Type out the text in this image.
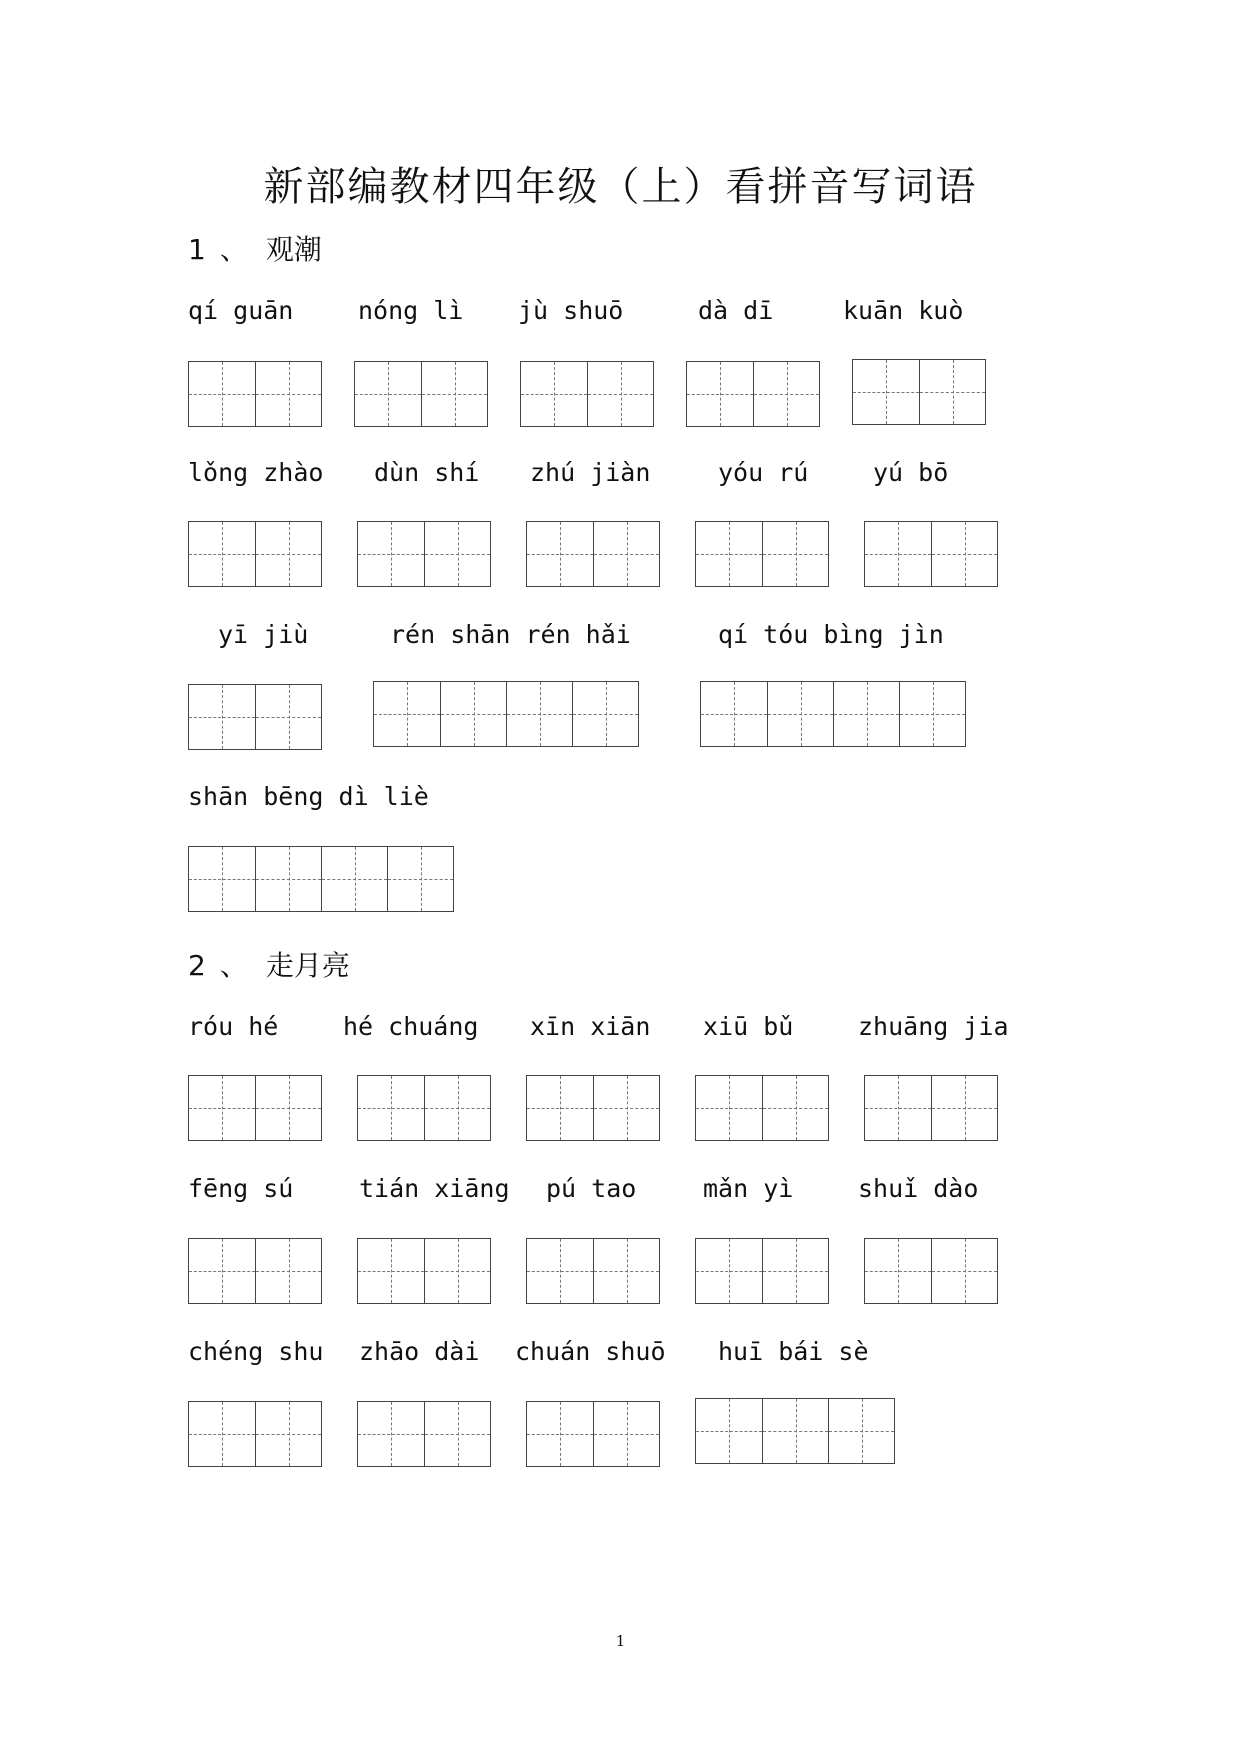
新部编教材四年级（上）看拼音写词语
1 、 观潮
qí guān	nóng lì jù shuō	dà dī	kuān kuò
lǒng zhào dùn shí zhú jiàn	yóu rú	yú bō
yī jiù	rén shān rén hǎi	qí tóu bìng jìn
shān bēng dì liè
2 、 走月亮
róu hé	hé chuáng xīn xiān xiū bǔ	zhuāng jia
fēng sú	tián xiāng pú tao	mǎn yì	shuǐ dào
chéng shu zhāo dài chuán shuō huī bái sè
1
